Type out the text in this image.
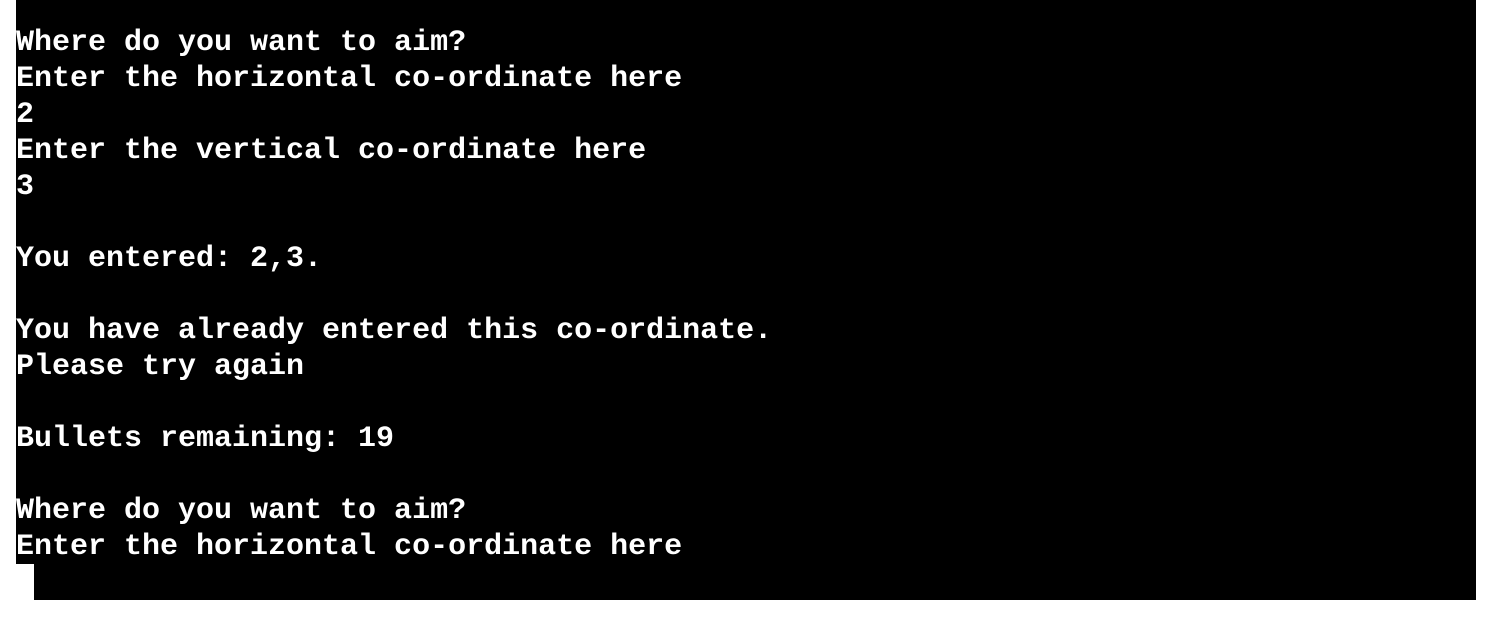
Where do you want to aim?
Enter the horizontal co-ordinate here
2
Enter the vertical co-ordinate here
3
You entered: 2,3.
You have already entered this co-ordinate.
Please try again
Bullets remaining: 19
Where do you want to aim?
Enter the horizontal co-ordinate here
